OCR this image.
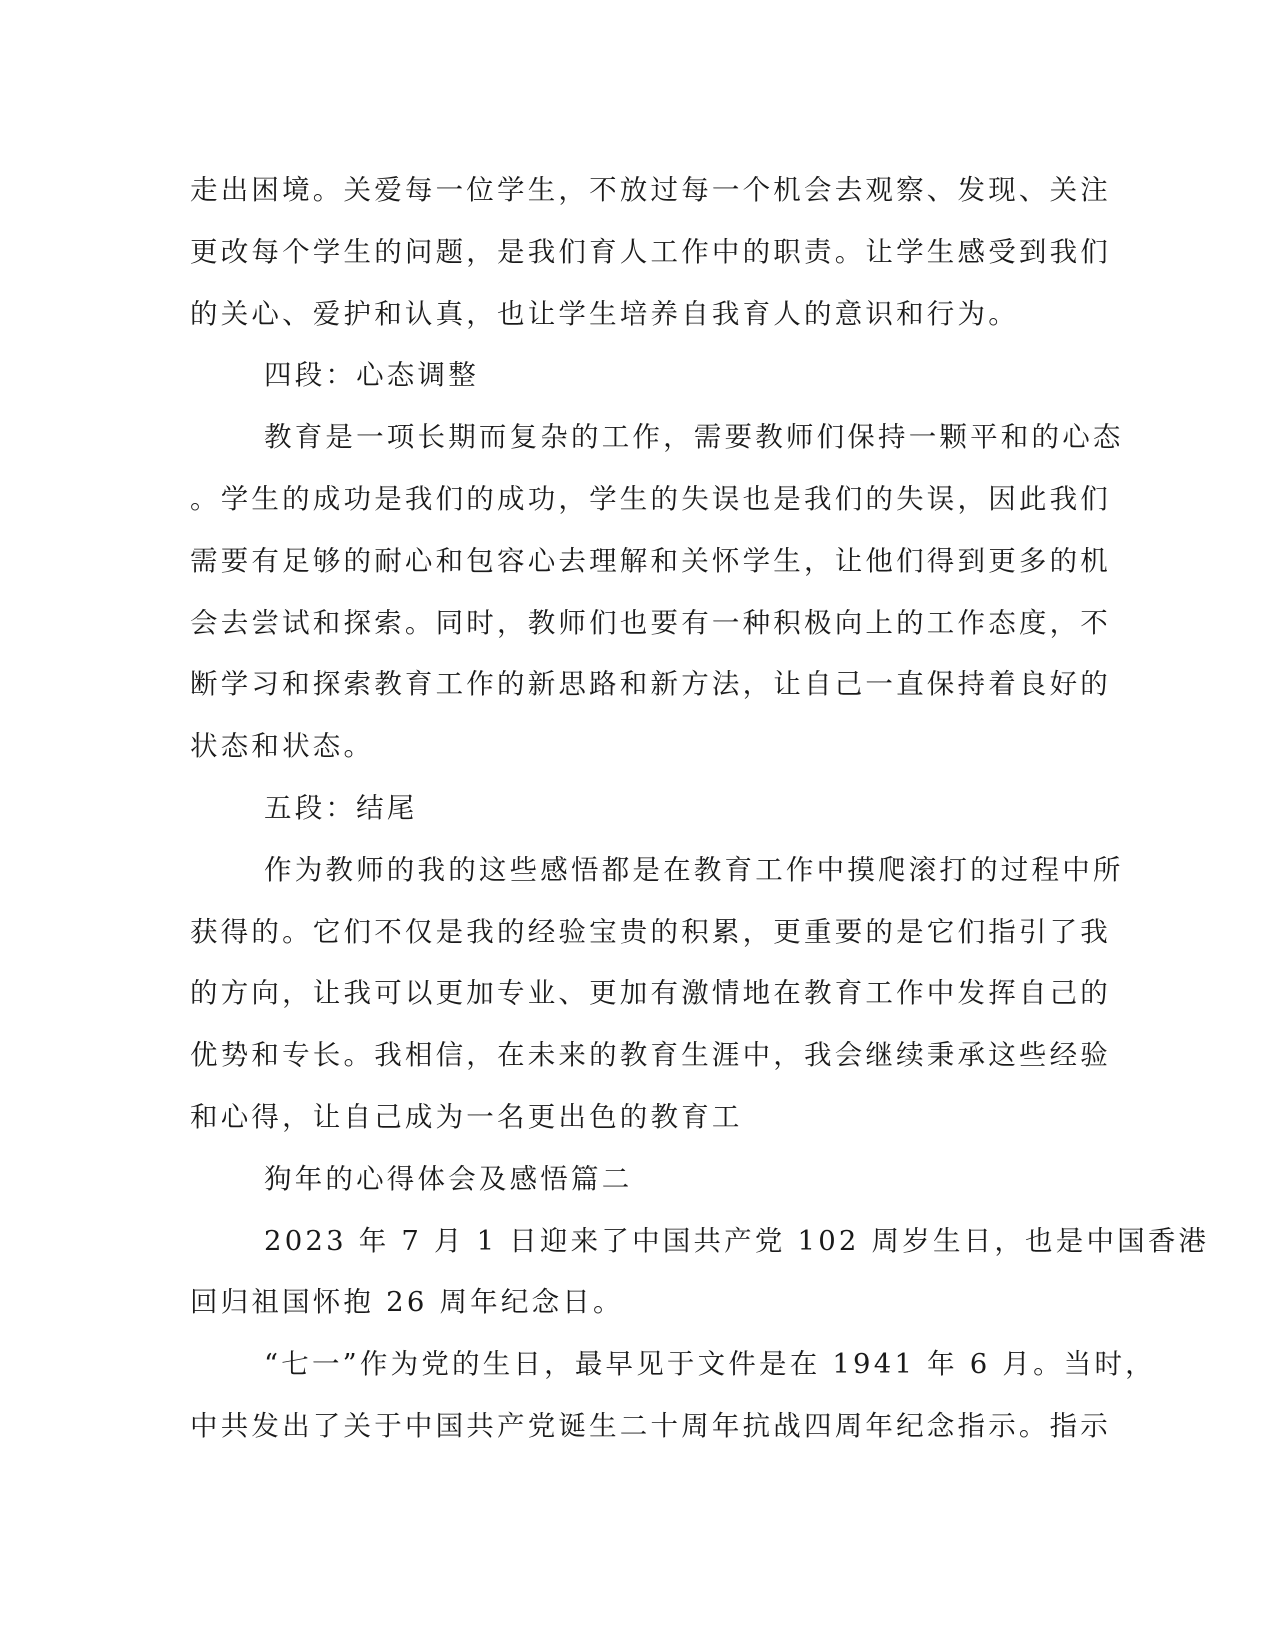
走出困境。关爱每一位学生，不放过每一个机会去观察、发现、关注
更改每个学生的问题，是我们育人工作中的职责。让学生感受到我们
的关心、爱护和认真，也让学生培养自我育人的意识和行为。
四段：心态调整
教育是一项长期而复杂的工作，需要教师们保持一颗平和的心态
。学生的成功是我们的成功，学生的失误也是我们的失误，因此我们
需要有足够的耐心和包容心去理解和关怀学生，让他们得到更多的机
会去尝试和探索。同时，教师们也要有一种积极向上的工作态度，不
断学习和探索教育工作的新思路和新方法，让自己一直保持着良好的
状态和状态。
五段：结尾
作为教师的我的这些感悟都是在教育工作中摸爬滚打的过程中所
获得的。它们不仅是我的经验宝贵的积累，更重要的是它们指引了我
的方向，让我可以更加专业、更加有激情地在教育工作中发挥自己的
优势和专长。我相信，在未来的教育生涯中，我会继续秉承这些经验
和心得，让自己成为一名更出色的教育工
狗年的心得体会及感悟篇二
2023 年 7 月 1 日迎来了中国共产党 102 周岁生日，也是中国香港
回归祖国怀抱 26 周年纪念日。
“七一”作为党的生日，最早见于文件是在 1941 年 6 月。当时，
中共发出了关于中国共产党诞生二十周年抗战四周年纪念指示。指示
